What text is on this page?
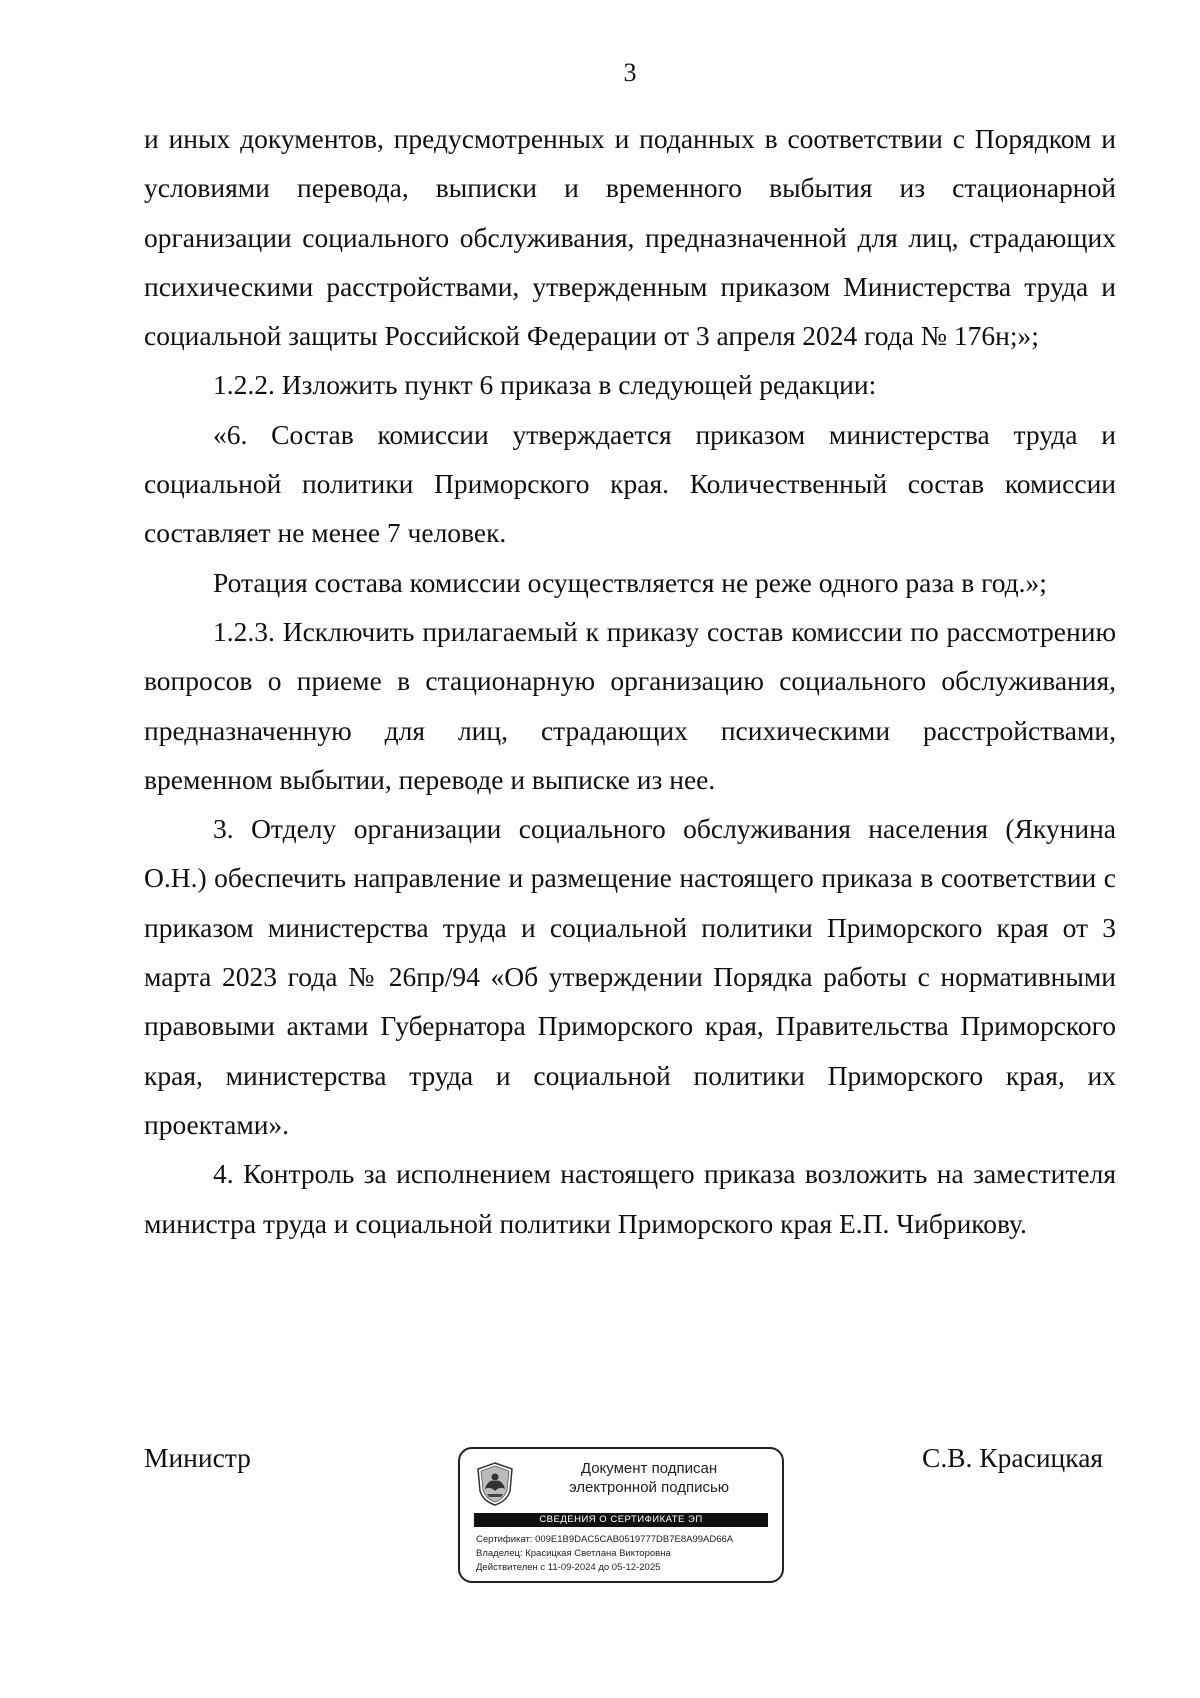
3

и иных документов, предусмотренных и поданных в соответствии с Порядком и условиями перевода, выписки и временного выбытия из стационарной организации социального обслуживания, предназначенной для лиц, страдающих психическими расстройствами, утвержденным приказом Министерства труда и социальной защиты Российской Федерации от 3 апреля 2024 года № 176н;»;

1.2.2. Изложить пункт 6 приказа в следующей редакции:

«6. Состав комиссии утверждается приказом министерства труда и социальной политики Приморского края. Количественный состав комиссии составляет не менее 7 человек.

Ротация состава комиссии осуществляется не реже одного раза в год.»;

1.2.3. Исключить прилагаемый к приказу состав комиссии по рассмотрению вопросов о приеме в стационарную организацию социального обслуживания, предназначенную для лиц, страдающих психическими расстройствами, временном выбытии, переводе и выписке из нее.

3. Отделу организации социального обслуживания населения (Якунина О.Н.) обеспечить направление и размещение настоящего приказа в соответствии с приказом министерства труда и социальной политики Приморского края от 3 марта 2023 года № 26пр/94 «Об утверждении Порядка работы с нормативными правовыми актами Губернатора Приморского края, Правительства Приморского края, министерства труда и социальной политики Приморского края, их проектами».

4. Контроль за исполнением настоящего приказа возложить на заместителя министра труда и социальной политики Приморского края Е.П. Чибрикову.

Министр	С.В. Красицкая
Документ подписан
электронной подписью
СВЕДЕНИЯ О СЕРТИФИКАТЕ ЭП
Сертификат: 009E1B9DAC5CAB0519777DB7E8A99AD66A
Владелец: Красицкая Светлана Викторовна
Действителен с 11-09-2024 до 05-12-2025
